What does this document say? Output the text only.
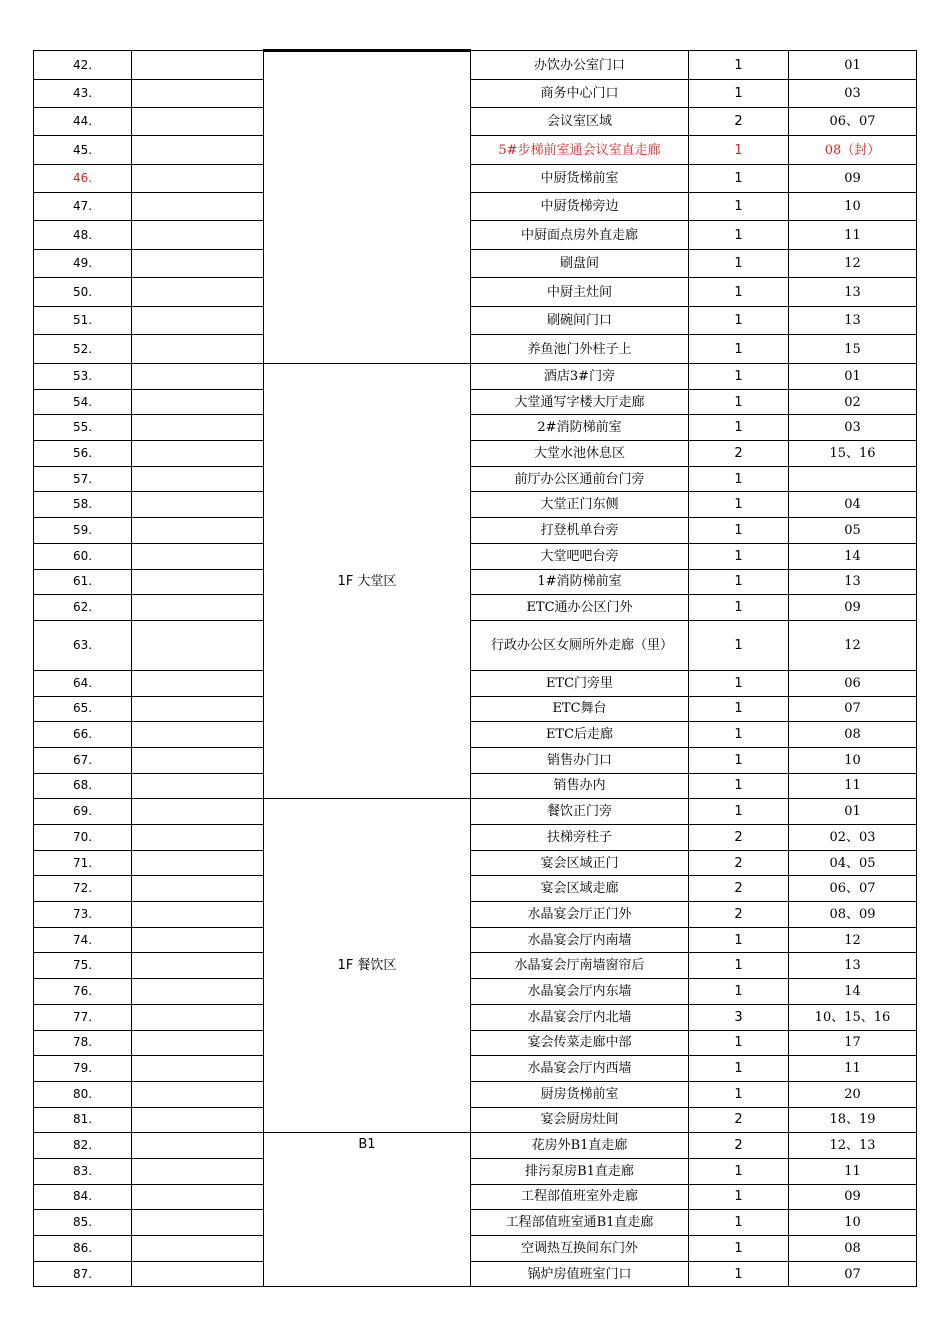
42.			办饮办公室门口	1	01
43.			商务中心门口	1	03
44.			会议室区域	2	06、07
45.			5#步梯前室通会议室直走廊	1	08（封）
46.			中厨货梯前室	1	09
47.			中厨货梯旁边	1	10
48.			中厨面点房外直走廊	1	11
49.			刷盘间	1	12
50.			中厨主灶间	1	13
51.			刷碗间门口	1	13
52.			养鱼池门外柱子上	1	15
53.		1F 大堂区	酒店3#门旁	1	01
54.			大堂通写字楼大厅走廊	1	02
55.			2#消防梯前室	1	03
56.			大堂水池休息区	2	15、16
57.			前厅办公区通前台门旁	1	
58.			大堂正门东侧	1	04
59.			打登机单台旁	1	05
60.			大堂吧吧台旁	1	14
61.			1#消防梯前室	1	13
62.			ETC通办公区门外	1	09
63.			行政办公区女厕所外走廊（里）	1	12
64.			ETC门旁里	1	06
65.			ETC舞台	1	07
66.			ETC后走廊	1	08
67.			销售办门口	1	10
68.			销售办内	1	11
69.		1F 餐饮区	餐饮正门旁	1	01
70.			扶梯旁柱子	2	02、03
71.			宴会区域正门	2	04、05
72.			宴会区域走廊	2	06、07
73.			水晶宴会厅正门外	2	08、09
74.			水晶宴会厅内南墙	1	12
75.			水晶宴会厅南墙窗帘后	1	13
76.			水晶宴会厅内东墙	1	14
77.			水晶宴会厅内北墙	3	10、15、16
78.			宴会传菜走廊中部	1	17
79.			水晶宴会厅内西墙	1	11
80.			厨房货梯前室	1	20
81.			宴会厨房灶间	2	18、19
82.		B1	花房外B1直走廊	2	12、13
83.			排污泵房B1直走廊	1	11
84.			工程部值班室外走廊	1	09
85.			工程部值班室通B1直走廊	1	10
86.			空调热互换间东门外	1	08
87.			锅炉房值班室门口	1	07
